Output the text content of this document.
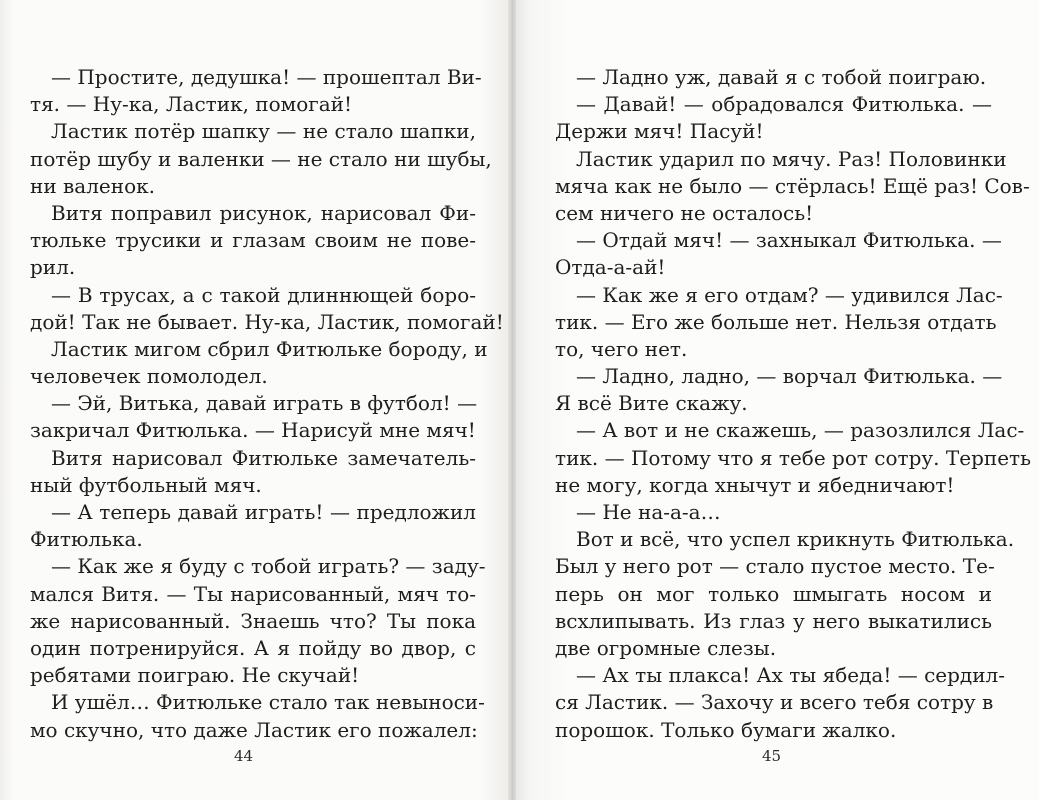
— Простите, дедушка! — прошептал Ви-
тя. — Ну-ка, Ластик, помогай!
Ластик потёр шапку — не стало шапки,
потёр шубу и валенки — не стало ни шубы,
ни валенок.
Витя поправил рисунок, нарисовал Фи-
тюльке трусики и глазам своим не пове-
рил.
— В трусах, а с такой длиннющей боро-
дой! Так не бывает. Ну-ка, Ластик, помогай!
Ластик мигом сбрил Фитюльке бороду, и
человечек помолодел.
— Эй, Витька, давай играть в футбол! —
закричал Фитюлька. — Нарисуй мне мяч!
Витя нарисовал Фитюльке замечатель-
ный футбольный мяч.
— А теперь давай играть! — предложил
Фитюлька.
— Как же я буду с тобой играть? — заду-
мался Витя. — Ты нарисованный, мяч то-
же нарисованный. Знаешь что? Ты пока
один потренируйся. А я пойду во двор, с
ребятами поиграю. Не скучай!
И ушёл… Фитюльке стало так невыноси-
мо скучно, что даже Ластик его пожалел:
— Ладно уж, давай я с тобой поиграю.
— Давай! — обрадовался Фитюлька. —
Держи мяч! Пасуй!
Ластик ударил по мячу. Раз! Половинки
мяча как не было — стёрлась! Ещё раз! Сов-
сем ничего не осталось!
— Отдай мяч! — захныкал Фитюлька. —
Отда-а-ай!
— Как же я его отдам? — удивился Лас-
тик. — Его же больше нет. Нельзя отдать
то, чего нет.
— Ладно, ладно, — ворчал Фитюлька. —
Я всё Вите скажу.
— А вот и не скажешь, — разозлился Лас-
тик. — Потому что я тебе рот сотру. Терпеть
не могу, когда хнычут и ябедничают!
— Не на-а-а…
Вот и всё, что успел крикнуть Фитюлька.
Был у него рот — стало пустое место. Те-
перь он мог только шмыгать носом и
всхлипывать. Из глаз у него выкатились
две огромные слезы.
— Ах ты плакса! Ах ты ябеда! — сердил-
ся Ластик. — Захочу и всего тебя сотру в
порошок. Только бумаги жалко.
44	45
